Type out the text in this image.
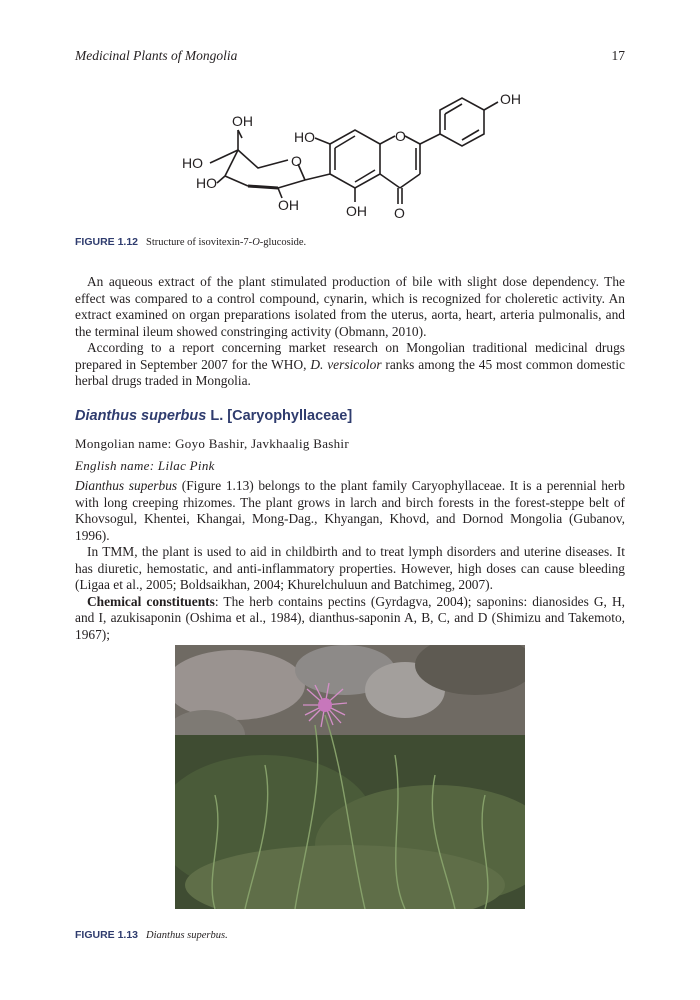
Medicinal Plants of Mongolia	17
OH
HO
HO
O
OH
HO	O
OH O
OH
FIGURE 1.12 Structure of isovitexin-7-O-glucoside.

An aqueous extract of the plant stimulated production of bile with slight dose dependency. The effect was compared to a control compound, cynarin, which is recognized for choleretic activity. An extract examined on organ preparations isolated from the uterus, aorta, heart, arteria pulmonalis, and the terminal ileum showed constringing activity (Obmann, 2010).

According to a report concerning market research on Mongolian traditional medicinal drugs prepared in September 2007 for the WHO, D. versicolor ranks among the 45 most common domestic herbal drugs traded in Mongolia.

Dianthus superbus L. [Caryophyllaceae]
Mongolian name: Goyo Bashir, Javkhaalig Bashir
English name: Lilac Pink

Dianthus superbus (Figure 1.13) belongs to the plant family Caryophyllaceae. It is a perennial herb with long creeping rhizomes. The plant grows in larch and birch forests in the forest-steppe belt of Khovsogul, Khentei, Khangai, Mong-Dag., Khyangan, Khovd, and Dornod Mongolia (Gubanov, 1996).

In TMM, the plant is used to aid in childbirth and to treat lymph disorders and uterine diseases. It has diuretic, hemostatic, and anti-inflammatory properties. However, high doses can cause bleeding (Ligaa et al., 2005; Boldsaikhan, 2004; Khurelchuluun and Batchimeg, 2007).

Chemical constituents: The herb contains pectins (Gyrdagva, 2004); saponins: dianosides G, H, and I, azukisaponin (Oshima et al., 1984), dianthus-saponin A, B, C, and D (Shimizu and Takemoto, 1967);

FIGURE 1.13 Dianthus superbus.
